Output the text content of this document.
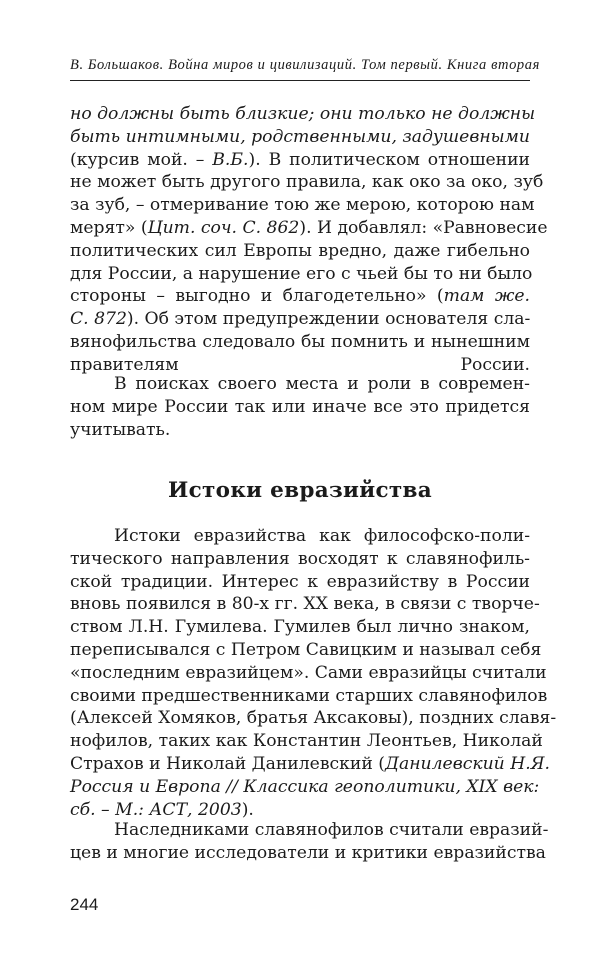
В. Большаков. Война миров и цивилизаций. Том первый. Книга вторая

но должны быть близкие; они только не должны
быть интимными, родственными, задушевными
(курсив мой. – В.Б.). В политическом отношении
не может быть другого правила, как око за око, зуб
за зуб, – отмеривание тою же мерою, которою нам
мерят» (Цит. соч. С. 862). И добавлял: «Равновесие
политических сил Европы вредно, даже гибельно
для России, а нарушение его с чьей бы то ни было
стороны – выгодно и благодетельно» (там же.
С. 872). Об этом предупреждении основателя сла-
вянофильства следовало бы помнить и нынешним
правителям России.

В поисках своего места и роли в современ-
ном мире России так или иначе все это придется
учитывать.

Истоки евразийства

Истоки евразийства как философско-поли-
тического направления восходят к славянофиль-
ской традиции. Интерес к евразийству в России
вновь появился в 80-х гг. XX века, в связи с творче-
ством Л.Н. Гумилева. Гумилев был лично знаком,
переписывался с Петром Савицким и называл себя
«последним евразийцем». Сами евразийцы считали
своими предшественниками старших славянофилов
(Алексей Хомяков, братья Аксаковы), поздних славя-
нофилов, таких как Константин Леонтьев, Николай
Страхов и Николай Данилевский (Данилевский Н.Я.
Россия и Европа // Классика геополитики, XIX век:
сб. – М.: АСТ, 2003).

Наследниками славянофилов считали евразий-
цев и многие исследователи и критики евразийства

244
